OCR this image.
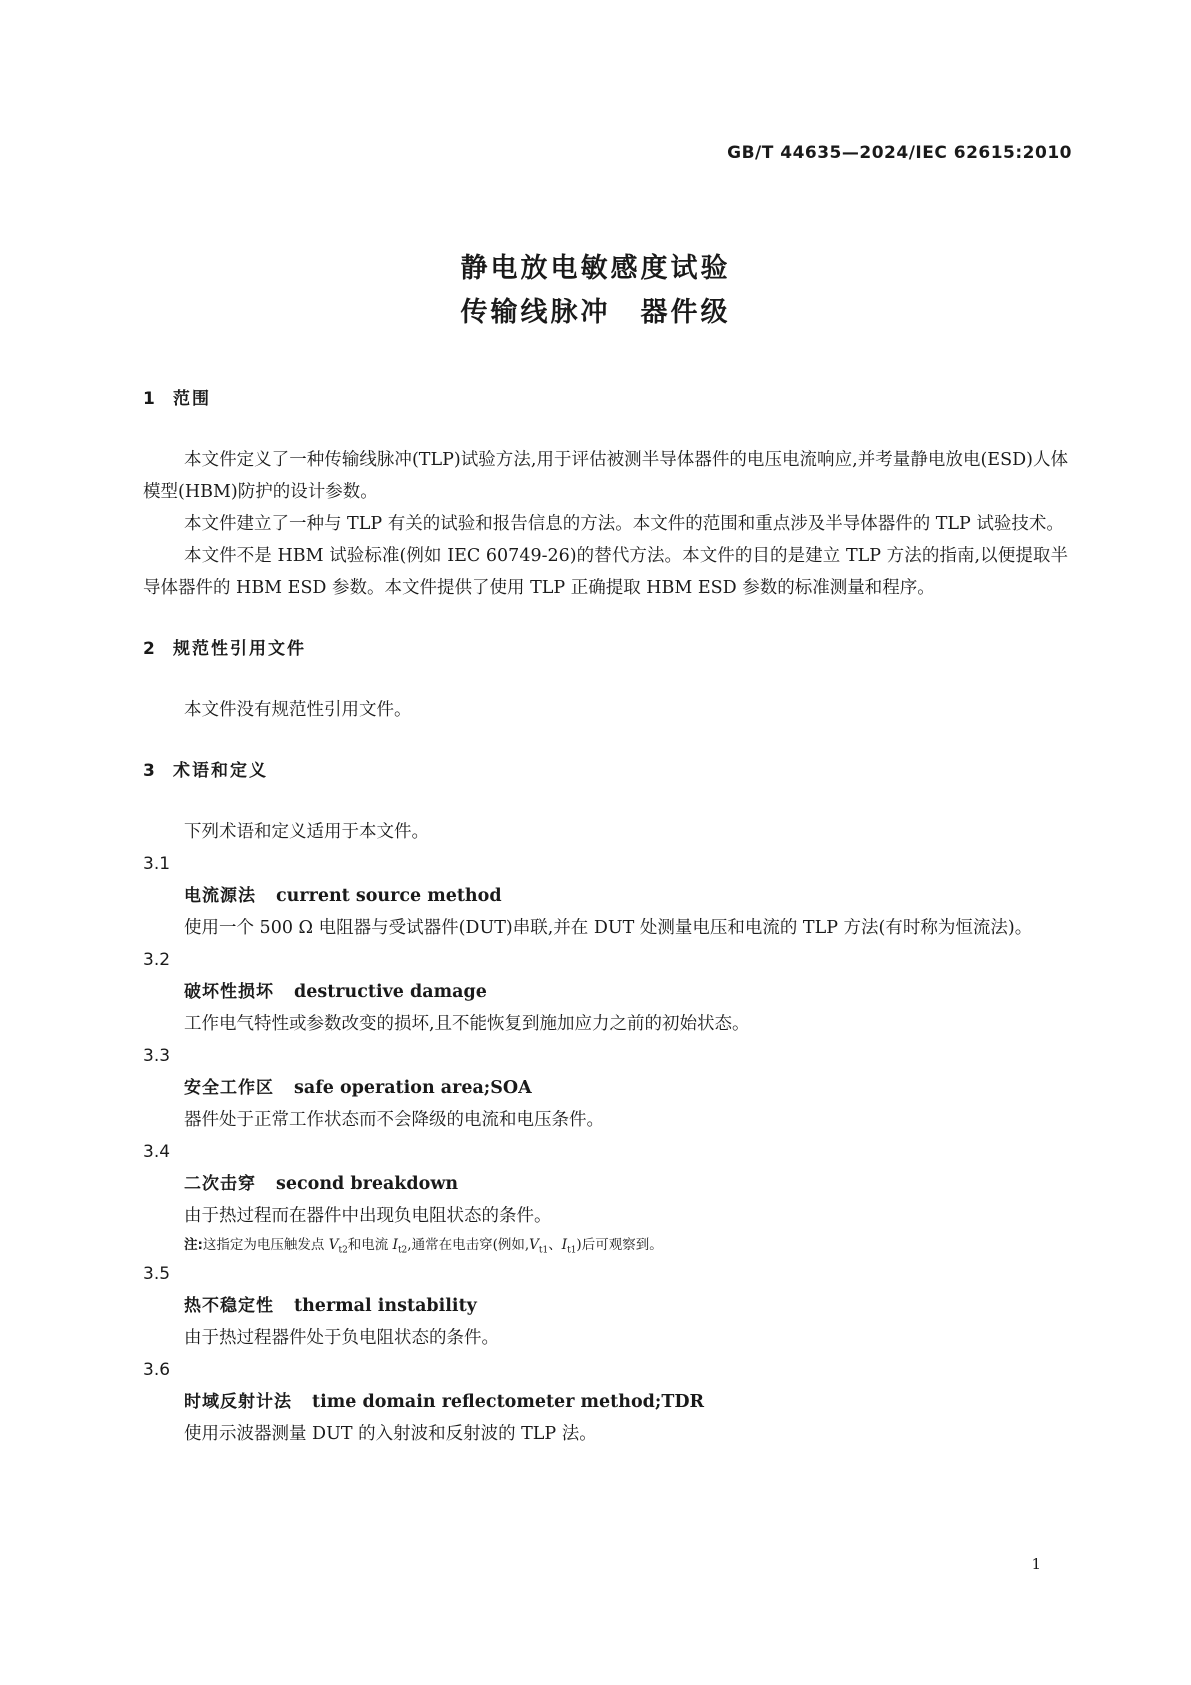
GB/T 44635—2024/IEC 62615:2010
静电放电敏感度试验
传输线脉冲　器件级
1 范围

本文件定义了一种传输线脉冲(TLP)试验方法,用于评估被测半导体器件的电压电流响应,并考量静电放电(ESD)人体模型(HBM)防护的设计参数。

本文件建立了一种与 TLP 有关的试验和报告信息的方法。本文件的范围和重点涉及半导体器件的 TLP 试验技术。

本文件不是 HBM 试验标准(例如 IEC 60749-26)的替代方法。本文件的目的是建立 TLP 方法的指南,以便提取半导体器件的 HBM ESD 参数。本文件提供了使用 TLP 正确提取 HBM ESD 参数的标准测量和程序。

2 规范性引用文件

本文件没有规范性引用文件。

3 术语和定义

下列术语和定义适用于本文件。

3.1
电流源法 current source method

使用一个 500 Ω 电阻器与受试器件(DUT)串联,并在 DUT 处测量电压和电流的 TLP 方法(有时称为恒流法)。

3.2
破坏性损坏 destructive damage

工作电气特性或参数改变的损坏,且不能恢复到施加应力之前的初始状态。

3.3
安全工作区 safe operation area;SOA

器件处于正常工作状态而不会降级的电流和电压条件。

3.4
二次击穿 second breakdown

由于热过程而在器件中出现负电阻状态的条件。

注:这指定为电压触发点 $V_{t2}$和电流 $I_{t2}$,通常在电击穿(例如$,V_{t1}$、$I_{t1}$)后可观察到。
3.5
热不稳定性 thermal instability

由于热过程器件处于负电阻状态的条件。

3.6
时域反射计法 time domain reflectometer method;TDR

使用示波器测量 DUT 的入射波和反射波的 TLP 法。

1
